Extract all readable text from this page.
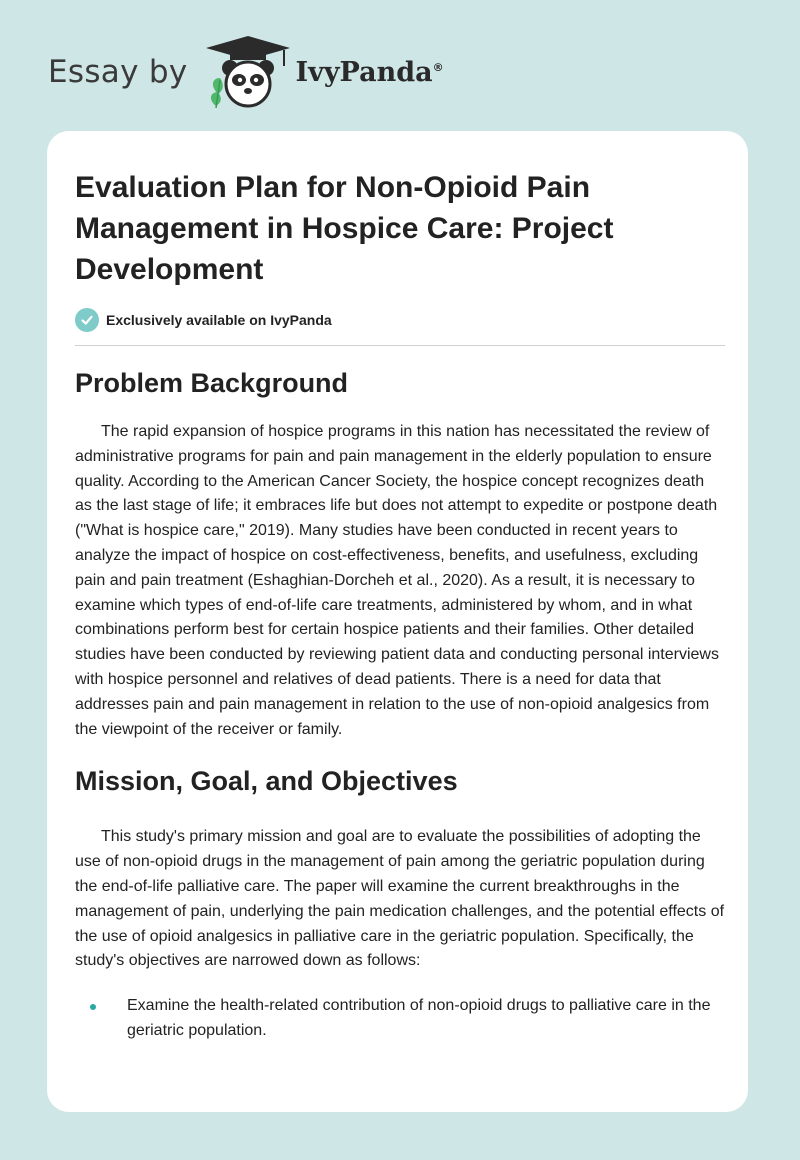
Essay by	IvyPanda®
Evaluation Plan for Non-Opioid Pain Management in Hospice Care: Project Development
Exclusively available on IvyPanda
Problem Background

The rapid expansion of hospice programs in this nation has necessitated the review of administrative programs for pain and pain management in the elderly population to ensure quality. According to the American Cancer Society, the hospice concept recognizes death as the last stage of life; it embraces life but does not attempt to expedite or postpone death ("What is hospice care," 2019). Many studies have been conducted in recent years to analyze the impact of hospice on cost-effectiveness, benefits, and usefulness, excluding pain and pain treatment (Eshaghian-Dorcheh et al., 2020). As a result, it is necessary to examine which types of end-of-life care treatments, administered by whom, and in what combinations perform best for certain hospice patients and their families. Other detailed studies have been conducted by reviewing patient data and conducting personal interviews with hospice personnel and relatives of dead patients. There is a need for data that addresses pain and pain management in relation to the use of non-opioid analgesics from the viewpoint of the receiver or family.

Mission, Goal, and Objectives

This study's primary mission and goal are to evaluate the possibilities of adopting the use of non-opioid drugs in the management of pain among the geriatric population during the end-of-life palliative care. The paper will examine the current breakthroughs in the management of pain, underlying the pain medication challenges, and the potential effects of the use of opioid analgesics in palliative care in the geriatric population. Specifically, the study's objectives are narrowed down as follows:

Examine the health-related contribution of non-opioid drugs to palliative care in the geriatric population.
